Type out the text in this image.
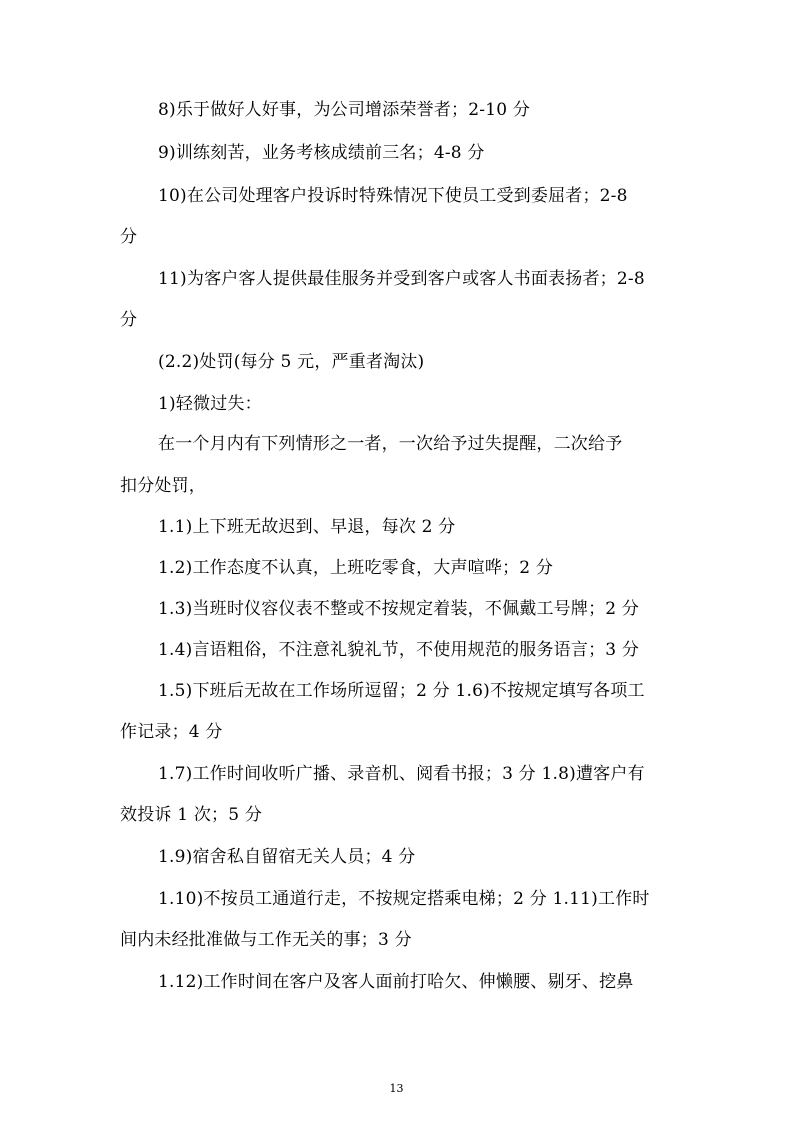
8)乐于做好人好事，为公司增添荣誉者；2-10 分
9)训练刻苦，业务考核成绩前三名；4-8 分
10)在公司处理客户投诉时特殊情况下使员工受到委屈者；2-8
分
11)为客户客人提供最佳服务并受到客户或客人书面表扬者；2-8
分
(2.2)处罚(每分 5 元，严重者淘汰)
1)轻微过失：
在一个月内有下列情形之一者，一次给予过失提醒，二次给予
扣分处罚，
1.1)上下班无故迟到、早退，每次 2 分
1.2)工作态度不认真，上班吃零食，大声喧哗；2 分
1.3)当班时仪容仪表不整或不按规定着装，不佩戴工号牌；2 分
1.4)言语粗俗，不注意礼貌礼节，不使用规范的服务语言；3 分
1.5)下班后无故在工作场所逗留；2 分 1.6)不按规定填写各项工
作记录；4 分
1.7)工作时间收听广播、录音机、阅看书报；3 分 1.8)遭客户有
效投诉 1 次；5 分
1.9)宿舍私自留宿无关人员；4 分
1.10)不按员工通道行走，不按规定搭乘电梯；2 分 1.11)工作时
间内未经批准做与工作无关的事；3 分
1.12)工作时间在客户及客人面前打哈欠、伸懒腰、剔牙、挖鼻
13
